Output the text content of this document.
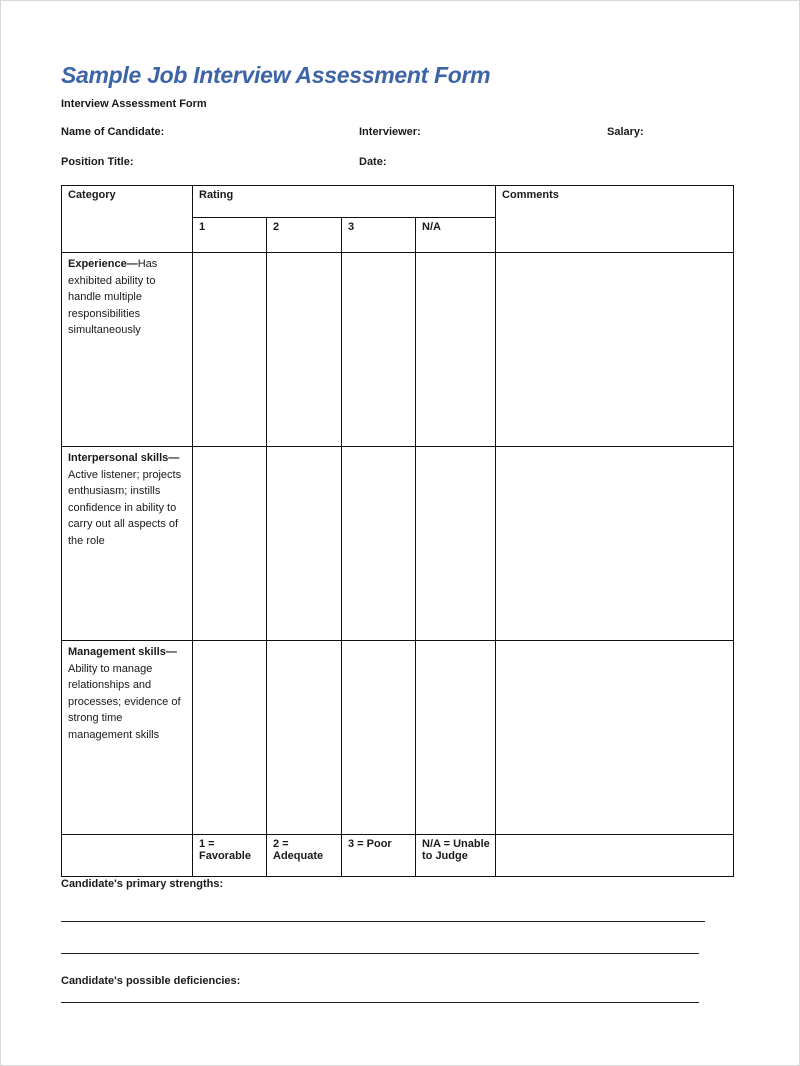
Sample Job Interview Assessment Form
Interview Assessment Form
Name of Candidate:	Interviewer:	Salary:
Position Title:	Date:
Category	Rating				Comments
	1	2	3	N/A	
Experience—Has exhibited ability to handle multiple responsibilities simultaneously					
Interpersonal skills—Active listener; projects enthusiasm; instills confidence in ability to carry out all aspects of the role					
Management skills—Ability to manage relationships and processes; evidence of strong time management skills					
	1 = Favorable	2 = Adequate	3 = Poor	N/A = Unable to Judge	
Candidate's primary strengths:
Candidate's possible deficiencies:
